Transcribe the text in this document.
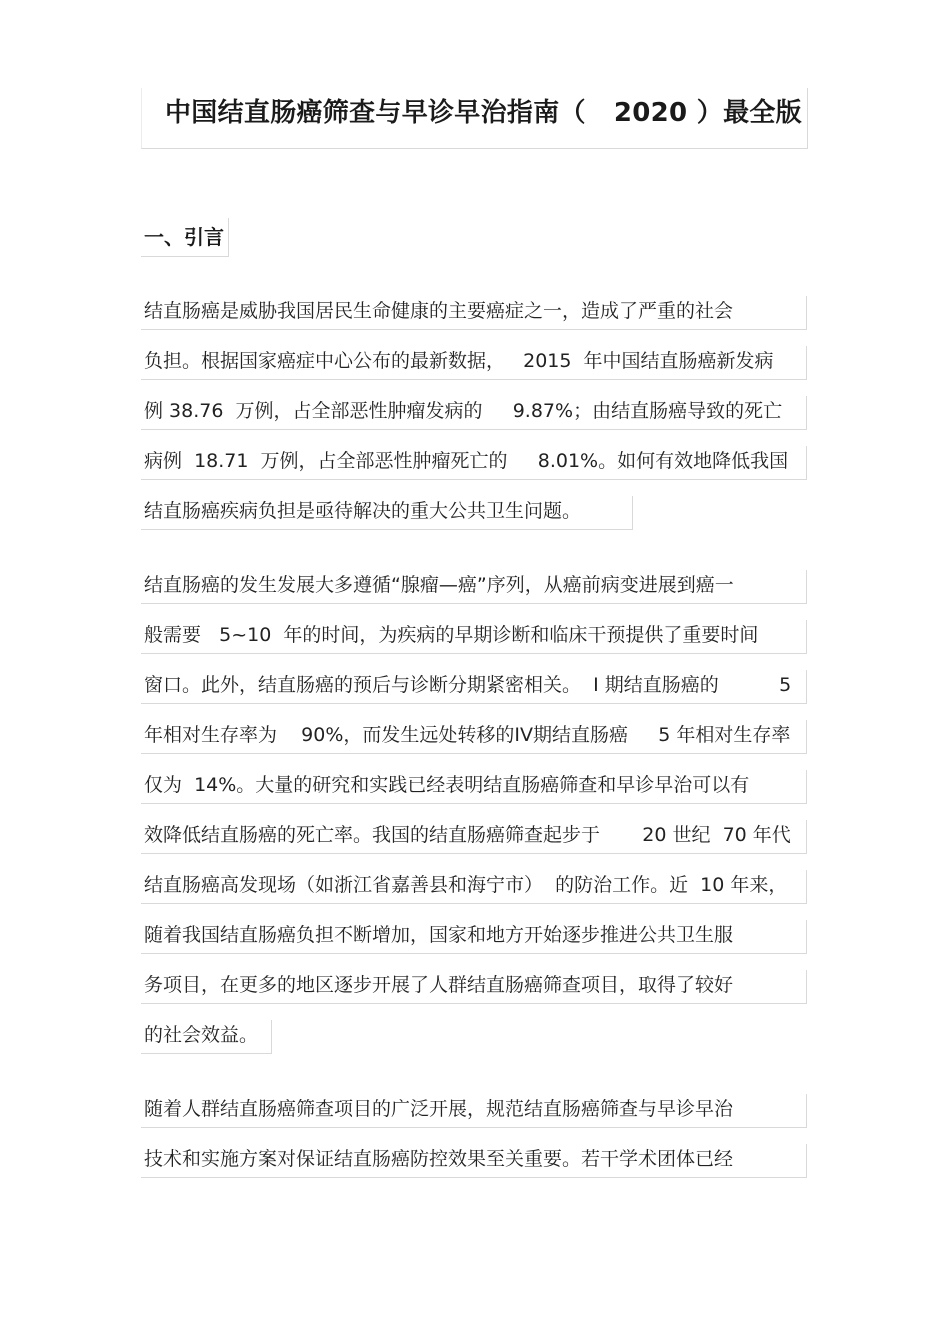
中国结直肠癌筛查与早诊早治指南（   2020 ）最全版
一、引言
结直肠癌是威胁我国居民生命健康的主要癌症之一，造成了严重的社会
负担。根据国家癌症中心公布的最新数据，   2015  年中国结直肠癌新发病
例 38.76  万例，占全部恶性肿瘤发病的     9.87%；由结直肠癌导致的死亡
病例  18.71  万例，占全部恶性肿瘤死亡的     8.01%。如何有效地降低我国
结直肠癌疾病负担是亟待解决的重大公共卫生问题。
结直肠癌的发生发展大多遵循“腺瘤—癌”序列，从癌前病变进展到癌一
般需要   5~10  年的时间，为疾病的早期诊断和临床干预提供了重要时间
窗口。此外，结直肠癌的预后与诊断分期紧密相关。  I 期结直肠癌的          5
年相对生存率为    90%，而发生远处转移的IV期结直肠癌     5 年相对生存率
仅为  14%。大量的研究和实践已经表明结直肠癌筛查和早诊早治可以有
效降低结直肠癌的死亡率。我国的结直肠癌筛查起步于       20 世纪  70 年代
结直肠癌高发现场（如浙江省嘉善县和海宁市）  的防治工作。近  10 年来，
随着我国结直肠癌负担不断增加，国家和地方开始逐步推进公共卫生服
务项目，在更多的地区逐步开展了人群结直肠癌筛查项目，取得了较好
的社会效益。
随着人群结直肠癌筛查项目的广泛开展，规范结直肠癌筛查与早诊早治
技术和实施方案对保证结直肠癌防控效果至关重要。若干学术团体已经
